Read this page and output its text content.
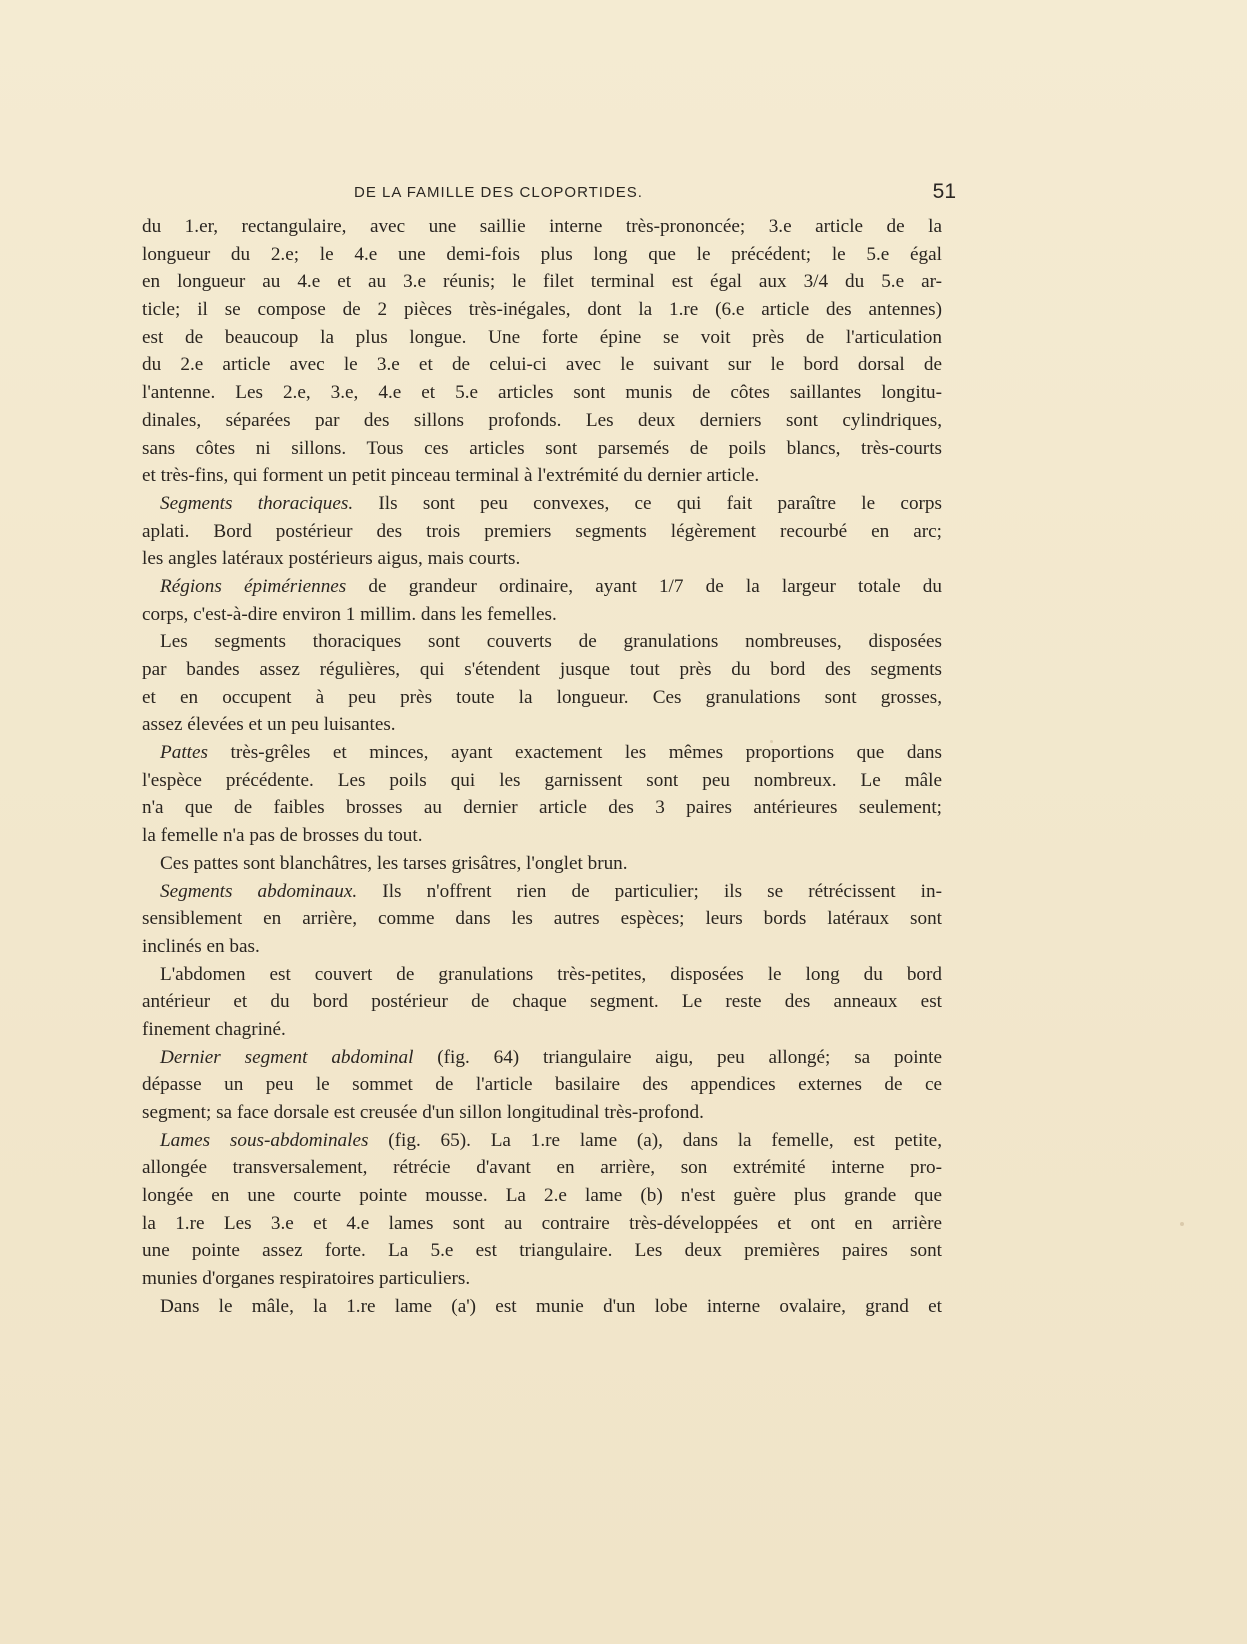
DE LA FAMILLE DES CLOPORTIDES.	51
du 1.er, rectangulaire, avec une saillie interne très-prononcée; 3.e article de la
longueur du 2.e; le 4.e une demi-fois plus long que le précédent; le 5.e égal
en longueur au 4.e et au 3.e réunis; le filet terminal est égal aux 3/4 du 5.e ar-
ticle; il se compose de 2 pièces très-inégales, dont la 1.re (6.e article des antennes)
est de beaucoup la plus longue. Une forte épine se voit près de l'articulation
du 2.e article avec le 3.e et de celui-ci avec le suivant sur le bord dorsal de
l'antenne. Les 2.e, 3.e, 4.e et 5.e articles sont munis de côtes saillantes longitu-
dinales, séparées par des sillons profonds. Les deux derniers sont cylindriques,
sans côtes ni sillons. Tous ces articles sont parsemés de poils blancs, très-courts
et très-fins, qui forment un petit pinceau terminal à l'extrémité du dernier article.
Segments thoraciques. Ils sont peu convexes, ce qui fait paraître le corps
aplati. Bord postérieur des trois premiers segments légèrement recourbé en arc;
les angles latéraux postérieurs aigus, mais courts.
Régions épimériennes de grandeur ordinaire, ayant 1/7 de la largeur totale du
corps, c'est-à-dire environ 1 millim. dans les femelles.
Les segments thoraciques sont couverts de granulations nombreuses, disposées
par bandes assez régulières, qui s'étendent jusque tout près du bord des segments
et en occupent à peu près toute la longueur. Ces granulations sont grosses,
assez élevées et un peu luisantes.
Pattes très-grêles et minces, ayant exactement les mêmes proportions que dans
l'espèce précédente. Les poils qui les garnissent sont peu nombreux. Le mâle
n'a que de faibles brosses au dernier article des 3 paires antérieures seulement;
la femelle n'a pas de brosses du tout.
Ces pattes sont blanchâtres, les tarses grisâtres, l'onglet brun.
Segments abdominaux. Ils n'offrent rien de particulier; ils se rétrécissent in-
sensiblement en arrière, comme dans les autres espèces; leurs bords latéraux sont
inclinés en bas.
L'abdomen est couvert de granulations très-petites, disposées le long du bord
antérieur et du bord postérieur de chaque segment. Le reste des anneaux est
finement chagriné.
Dernier segment abdominal (fig. 64) triangulaire aigu, peu allongé; sa pointe
dépasse un peu le sommet de l'article basilaire des appendices externes de ce
segment; sa face dorsale est creusée d'un sillon longitudinal très-profond.
Lames sous-abdominales (fig. 65). La 1.re lame (a), dans la femelle, est petite,
allongée transversalement, rétrécie d'avant en arrière, son extrémité interne pro-
longée en une courte pointe mousse. La 2.e lame (b) n'est guère plus grande que
la 1.re Les 3.e et 4.e lames sont au contraire très-développées et ont en arrière
une pointe assez forte. La 5.e est triangulaire. Les deux premières paires sont
munies d'organes respiratoires particuliers.
Dans le mâle, la 1.re lame (a') est munie d'un lobe interne ovalaire, grand et
